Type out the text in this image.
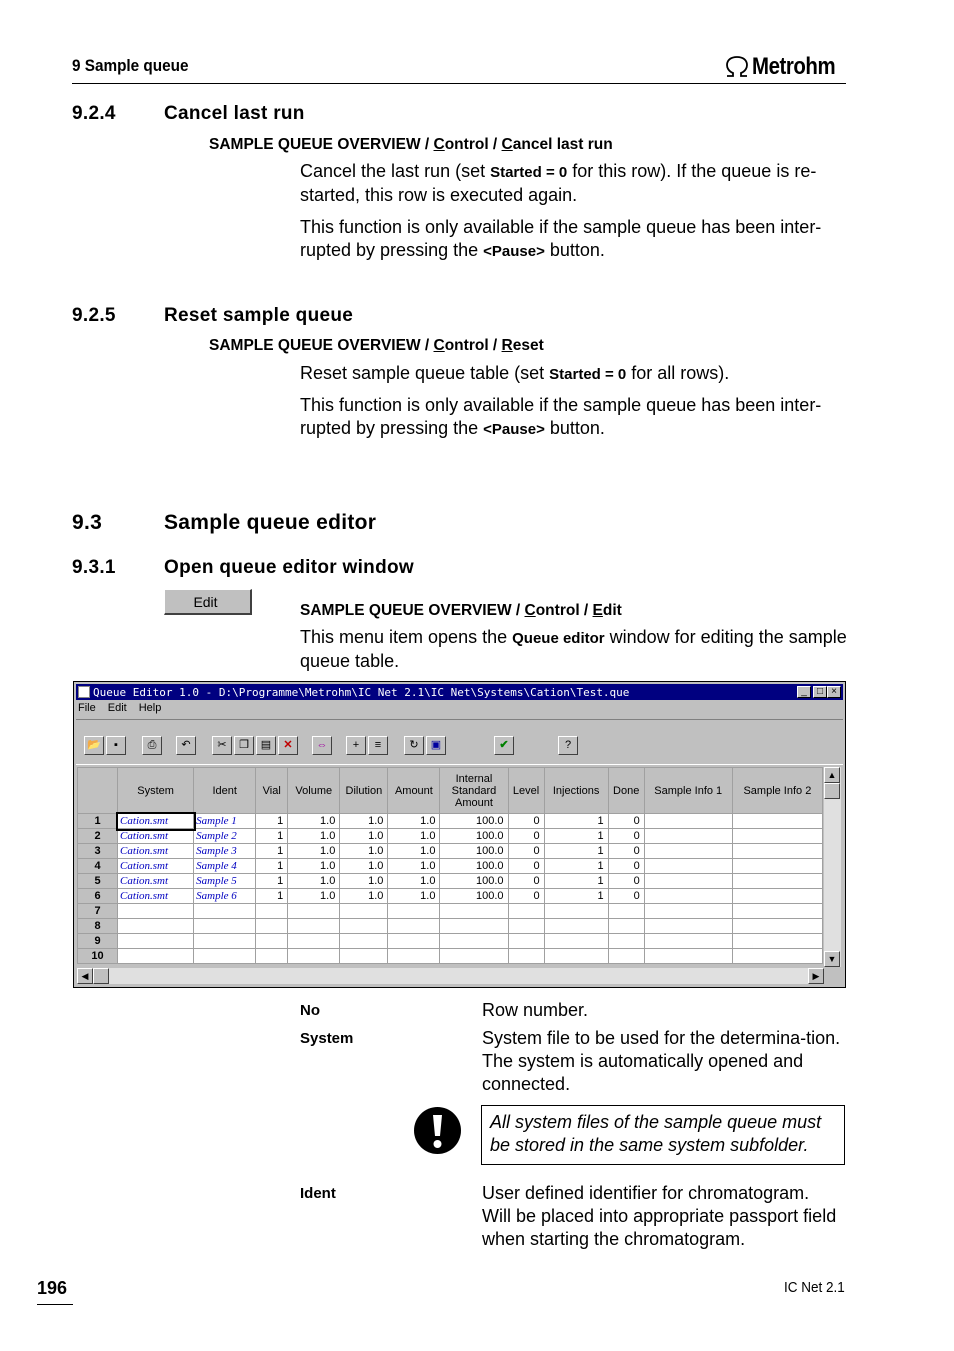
9 Sample queue	Metrohm
9.2.4	Cancel last run
SAMPLE QUEUE OVERVIEW / Control / Cancel last run
Cancel the last run (set Started = 0 for this row). If the queue is re-started, this row is executed again.
This function is only available if the sample queue has been inter-rupted by pressing the <Pause> button.
9.2.5	Reset sample queue
SAMPLE QUEUE OVERVIEW / Control / Reset
Reset sample queue table (set Started = 0 for all rows).
This function is only available if the sample queue has been inter-rupted by pressing the <Pause> button.
9.3	Sample queue editor
9.3.1	Open queue editor window
Edit
SAMPLE QUEUE OVERVIEW / Control / Edit
This menu item opens the Queue editor window for editing the sample queue table.
Queue Editor 1.0 - D:\Programme\Metrohm\IC Net 2.1\IC Net\Systems\Cation\Test.que	_	□ ×
File Edit Help
📂	▪	⎙	↶	✂	❐	▤	✕	⇔	+	≡	↻	▣	✔	?
	System	Ident	Vial	Volume	Dilution	Amount	Internal Standard Amount	Level	Injections	Done	Sample Info 1	Sample Info 2
1	Cation.smt	Sample 1	1	1.0	1.0	1.0	100.0	0	1	0		
2	Cation.smt	Sample 2	1	1.0	1.0	1.0	100.0	0	1	0		
3	Cation.smt	Sample 3	1	1.0	1.0	1.0	100.0	0	1	0		
4	Cation.smt	Sample 4	1	1.0	1.0	1.0	100.0	0	1	0		
5	Cation.smt	Sample 5	1	1.0	1.0	1.0	100.0	0	1	0		
6	Cation.smt	Sample 6	1	1.0	1.0	1.0	100.0	0	1	0		
7												
8												
9												
10												
▲
▼
◀	▶
No	Row number.
System	System file to be used for the determina-tion. The system is automatically opened and connected.
All system files of the sample queue must be stored in the same system subfolder.
Ident	User defined identifier for chromatogram. Will be placed into appropriate passport field when starting the chromatogram.
196	IC Net 2.1
